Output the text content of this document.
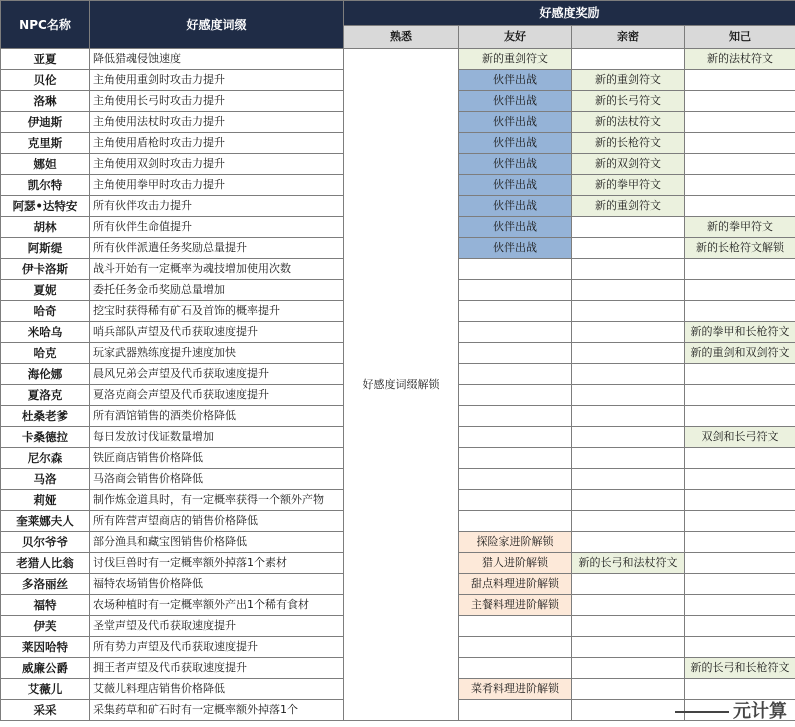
NPC名称	好感度词缀	好感度奖励			
		熟悉	友好	亲密	知己
亚夏	降低猎魂侵蚀速度	好感度词缀解锁	新的重剑符文		新的法杖符文
贝伦	主角使用重剑时攻击力提升		伙伴出战	新的重剑符文	
洛琳	主角使用长弓时攻击力提升		伙伴出战	新的长弓符文	
伊迪斯	主角使用法杖时攻击力提升		伙伴出战	新的法杖符文	
克里斯	主角使用盾枪时攻击力提升		伙伴出战	新的长枪符文	
娜妲	主角使用双剑时攻击力提升		伙伴出战	新的双剑符文	
凯尔特	主角使用拳甲时攻击力提升		伙伴出战	新的拳甲符文	
阿瑟•达特安	所有伙伴攻击力提升		伙伴出战	新的重剑符文	
胡林	所有伙伴生命值提升		伙伴出战		新的拳甲符文
阿斯缇	所有伙伴派遣任务奖励总量提升		伙伴出战		新的长枪符文解锁
伊卡洛斯	战斗开始有一定概率为魂技增加使用次数				
夏妮	委托任务金币奖励总量增加				
哈奇	挖宝时获得稀有矿石及首饰的概率提升				
米哈乌	哨兵部队声望及代币获取速度提升				新的拳甲和长枪符文
哈克	玩家武器熟练度提升速度加快				新的重剑和双剑符文
海伦娜	晨风兄弟会声望及代币获取速度提升				
夏洛克	夏洛克商会声望及代币获取速度提升				
杜桑老爹	所有酒馆销售的酒类价格降低				
卡桑德拉	每日发放讨伐证数量增加				双剑和长弓符文
尼尔森	铁匠商店销售价格降低				
马洛	马洛商会销售价格降低				
莉娅	制作炼金道具时，有一定概率获得一个额外产物				
奎莱娜夫人	所有阵营声望商店的销售价格降低				
贝尔爷爷	部分渔具和藏宝图销售价格降低		探险家进阶解锁		
老猎人比翁	讨伐巨兽时有一定概率额外掉落1个素材		猎人进阶解锁	新的长弓和法杖符文	
多洛丽丝	福特农场销售价格降低		甜点料理进阶解锁		
福特	农场种植时有一定概率额外产出1个稀有食材		主餐料理进阶解锁		
伊芙	圣堂声望及代币获取速度提升				
莱因哈特	所有势力声望及代币获取速度提升				
威廉公爵	拥王者声望及代币获取速度提升				新的长弓和长枪符文
艾薇儿	艾薇儿料理店销售价格降低		菜肴料理进阶解锁		
采采	采集药草和矿石时有一定概率额外掉落1个					元计算
